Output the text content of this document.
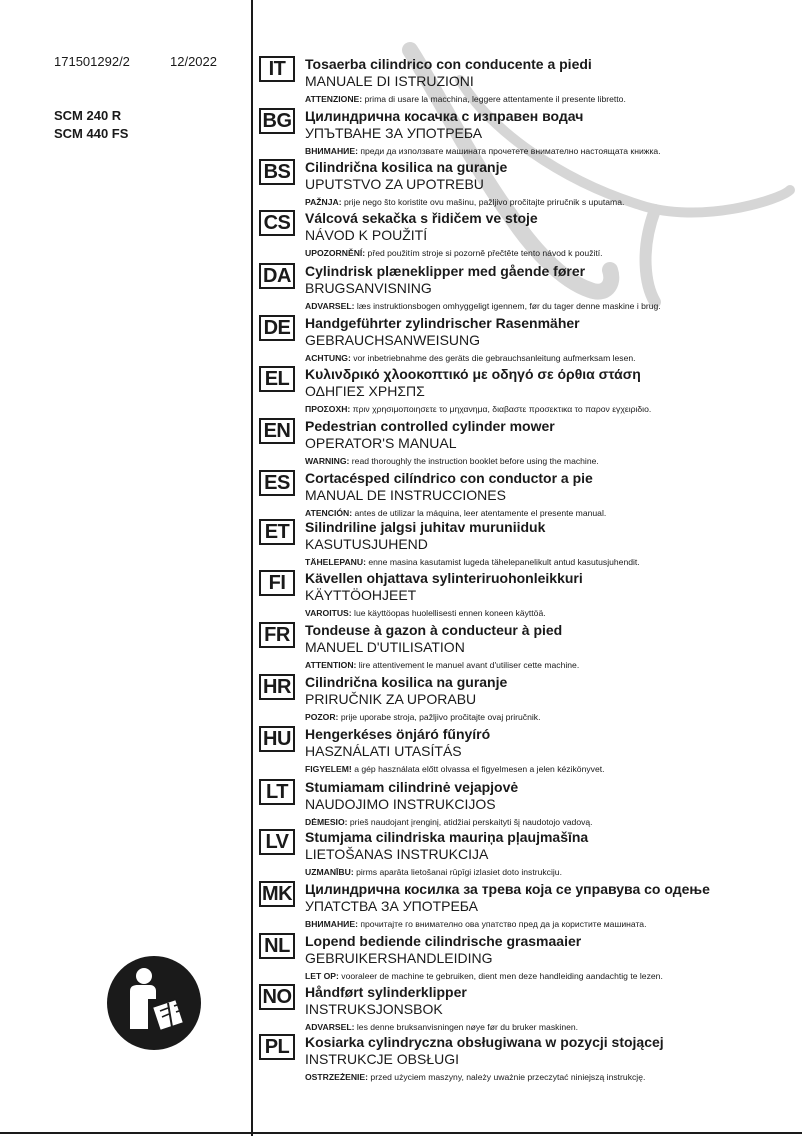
171501292/2	12/2022
SCM 240 R
SCM 440 FS
IT	Tosaerba cilindrico con conducente a piedi
MANUALE DI ISTRUZIONI
ATTENZIONE: prima di usare la macchina, leggere attentamente il presente libretto.
BG Цилиндрична косачка с изправен водач
УПЪТВАНЕ ЗА УПОТРЕБА
ВНИМАНИЕ: преди да използвате машината прочетете внимателно настоящата книжка.
BS	Cilindrična kosilica na guranje
UPUTSTVO ZA UPOTREBU
PAŽNJA: prije nego što koristite ovu mašinu, pažljivo pročitajte priručnik s uputama.
CS	Válcová sekačka s řidičem ve stoje
NÁVOD K POUŽITÍ
UPOZORNĚNÍ: před použitím stroje si pozorně přečtěte tento návod k použití.
DA Cylindrisk plæneklipper med gående fører
BRUGSANVISNING
ADVARSEL: læs instruktionsbogen omhyggeligt igennem, før du tager denne maskine i brug.
DE	Handgeführter zylindrischer Rasenmäher
GEBRAUCHSANWEISUNG
ACHTUNG: vor inbetriebnahme des geräts die gebrauchsanleitung aufmerksam lesen.
EL	Κυλινδρικό χλοοκοπτικό με οδηγό σε όρθια στάση
ΟΔΗΓΙΕΣ ΧΡΗΣΠΣ
ΠΡΟΣΟΧΗ: πριν χρησιμοποιησετε το μηχανημα, διαβαστε προσεκτικα το παρον εγχειριδιο.
EN	Pedestrian controlled cylinder mower
OPERATOR'S MANUAL
WARNING: read thoroughly the instruction booklet before using the machine.
ES	Cortacésped cilíndrico con conductor a pie
MANUAL DE INSTRUCCIONES
ATENCIÓN: antes de utilizar la máquina, leer atentamente el presente manual.
ET	Silindriline jalgsi juhitav muruniiduk
KASUTUSJUHEND
TÄHELEPANU: enne masina kasutamist lugeda tähelepanelikult antud kasutusjuhendit.
FI	Kävellen ohjattava sylinteriruohonleikkuri
KÄYTTÖOHJEET
VAROITUS: lue käyttöopas huolellisesti ennen koneen käyttöä.
FR	Tondeuse à gazon à conducteur à pied
MANUEL D'UTILISATION
ATTENTION: lire attentivement le manuel avant d'utiliser cette machine.
HR Cilindrična kosilica na guranje
PRIRUČNIK ZA UPORABU
POZOR: prije uporabe stroja, pažljivo pročitajte ovaj priručnik.
HU Hengerkéses önjáró fűnyíró
HASZNÁLATI UTASÍTÁS
FIGYELEM! a gép használata előtt olvassa el figyelmesen a jelen kézikönyvet.
LT	Stumiamam cilindrinė vejapjovė
NAUDOJIMO INSTRUKCIJOS
DĖMESIO: prieš naudojant įrenginį, atidžiai perskaityti šį naudotojo vadovą.
LV	Stumjama cilindriska mauriņa pļaujmašīna
LIETOŠANAS INSTRUKCIJA
UZMANĪBU: pirms aparāta lietošanai rūpīgi izlasiet doto instrukciju.
MK Цилиндрична косилка за трева која се управува со одење
УПАТСТВА ЗА УПОТРЕБА
ВНИМАНИЕ: прочитајте го внимателно ова упатство пред да ја користите машината.
NL	Lopend bediende cilindrische grasmaaier
GEBRUIKERSHANDLEIDING
LET OP: vooraleer de machine te gebruiken, dient men deze handleiding aandachtig te lezen.
NO Håndført sylinderklipper
INSTRUKSJONSBOK
ADVARSEL: les denne bruksanvisningen nøye før du bruker maskinen.
PL	Kosiarka cylindryczna obsługiwana w pozycji stojącej
INSTRUKCJE OBSŁUGI
OSTRZEŻENIE: przed użyciem maszyny, należy uważnie przeczytać niniejszą instrukcję.
